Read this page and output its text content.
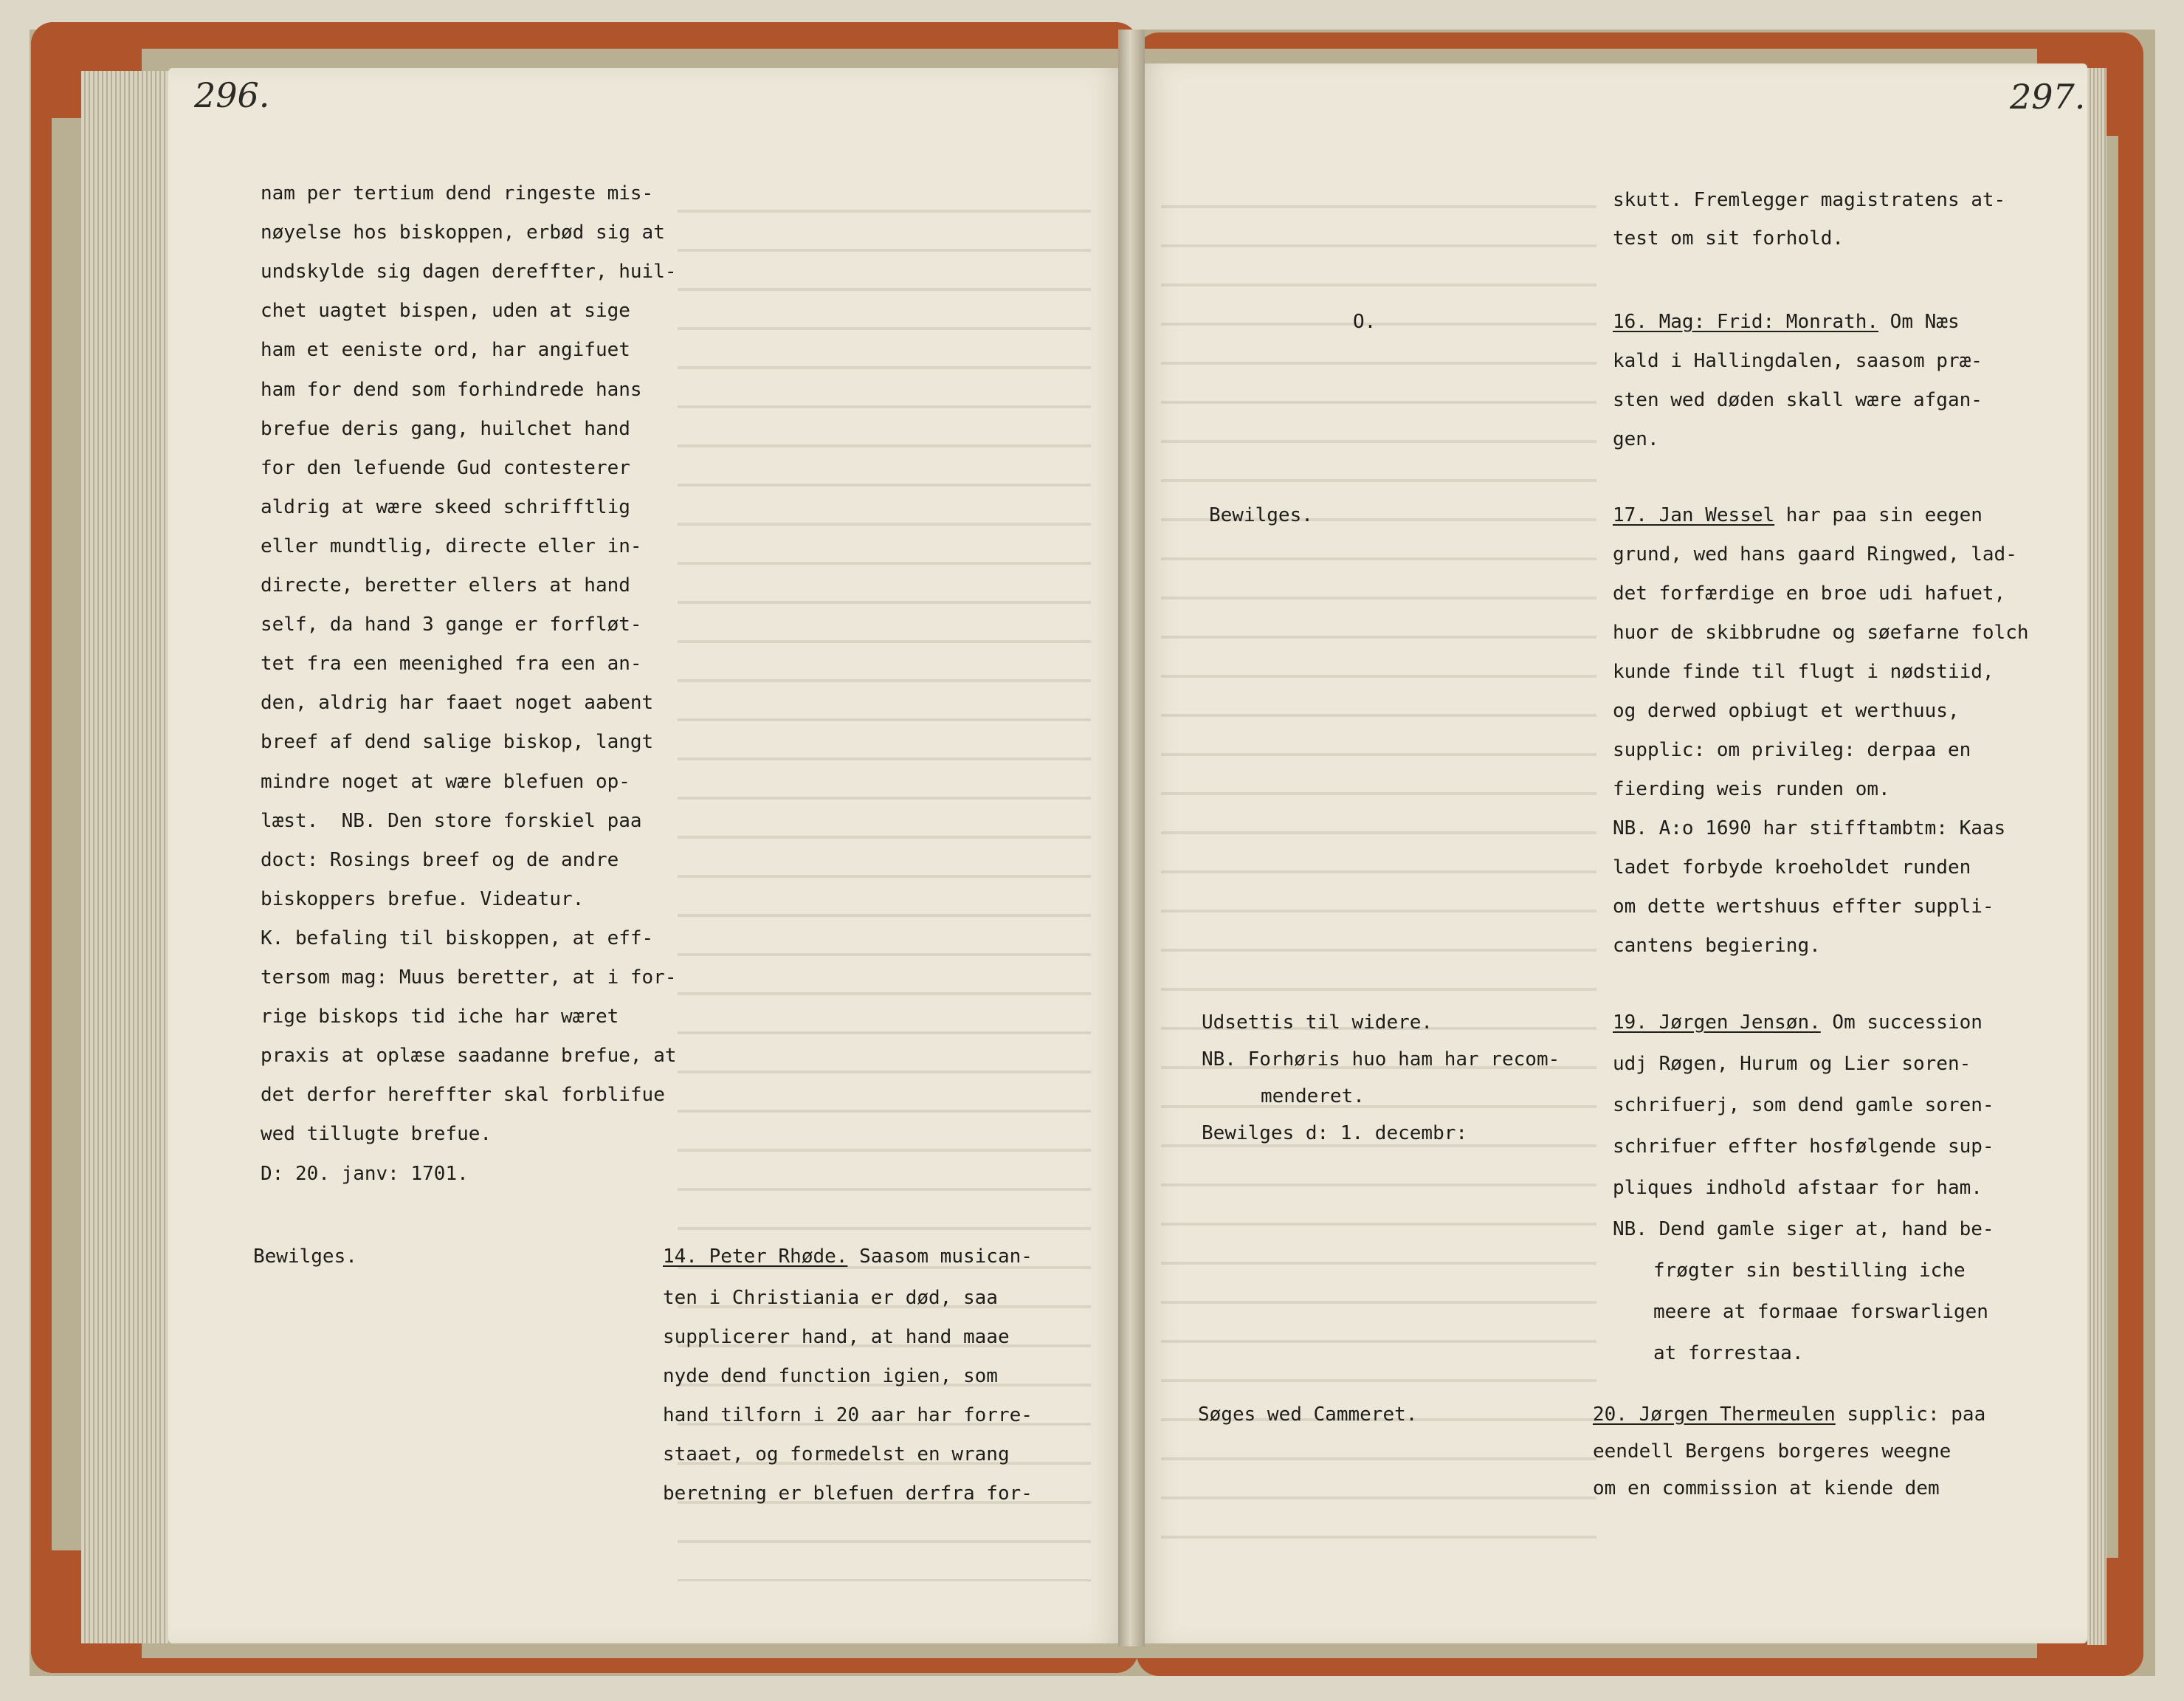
296.
nam per tertium dend ringeste mis-
nøyelse hos biskoppen, erbød sig at
undskylde sig dagen dereffter, huil-
chet uagtet bispen, uden at sige
ham et eeniste ord, har angifuet
ham for dend som forhindrede hans
brefue deris gang, huilchet hand
for den lefuende Gud contesterer
aldrig at wære skeed schrifftlig
eller mundtlig, directe eller in-
directe, beretter ellers at hand
self, da hand 3 gange er forfløt-
tet fra een meenighed fra een an-
den, aldrig har faaet noget aabent
breef af dend salige biskop, langt
mindre noget at wære blefuen op-
læst.  NB. Den store forskiel paa
doct: Rosings breef og de andre
biskoppers brefue. Videatur.
K. befaling til biskoppen, at eff-
tersom mag: Muus beretter, at i for-
rige biskops tid iche har wæret
praxis at oplæse saadanne brefue, at
det derfor hereffter skal forblifue
wed tillugte brefue.
D: 20. janv: 1701.
Bewilges.	14. Peter Rhøde. Saasom musican-
ten i Christiania er død, saa
supplicerer hand, at hand maae
nyde dend function igien, som
hand tilforn i 20 aar har forre-
staaet, og formedelst en wrang
beretning er blefuen derfra for-
297.
O.
Bewilges.
Udsettis til widere.
NB. Forhøris huo ham har recom-
menderet.
Bewilges d: 1. decembr:
Søges wed Cammeret.
skutt. Fremlegger magistratens at-
test om sit forhold.
16. Mag: Frid: Monrath. Om Næs
kald i Hallingdalen, saasom præ-
sten wed døden skall wære afgan-
gen.
17. Jan Wessel har paa sin eegen
grund, wed hans gaard Ringwed, lad-
det forfærdige en broe udi hafuet,
huor de skibbrudne og søefarne folch
kunde finde til flugt i nødstiid,
og derwed opbiugt et werthuus,
supplic: om privileg: derpaa en
fierding weis runden om.
NB. A:o 1690 har stifftambtm: Kaas
ladet forbyde kroeholdet runden
om dette wertshuus effter suppli-
cantens begiering.
19. Jørgen Jensøn. Om succession
udj Røgen, Hurum og Lier soren-
schrifuerj, som dend gamle soren-
schrifuer effter hosfølgende sup-
pliques indhold afstaar for ham.
NB. Dend gamle siger at, hand be-
frøgter sin bestilling iche
meere at formaae forswarligen
at forrestaa.
20. Jørgen Thermeulen supplic: paa
eendell Bergens borgeres weegne
om en commission at kiende dem
